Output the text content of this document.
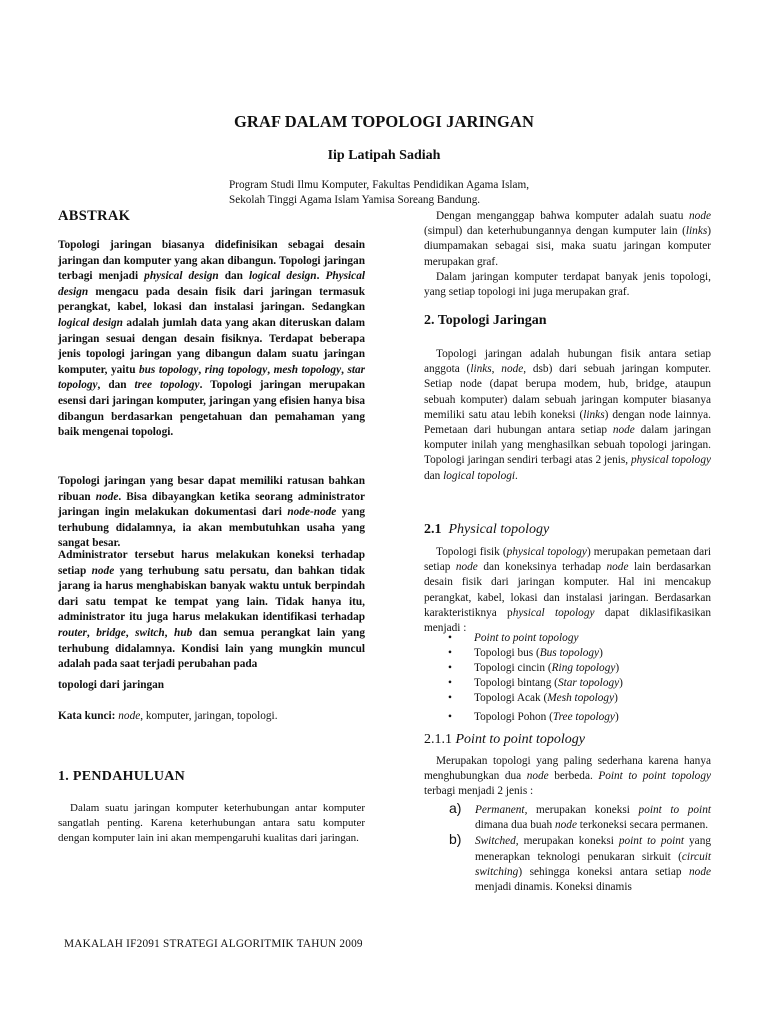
GRAF DALAM TOPOLOGI JARINGAN
Iip Latipah Sadiah
Program Studi Ilmu Komputer, Fakultas Pendidikan Agama Islam, Sekolah Tinggi Agama Islam Yamisa Soreang Bandung.
ABSTRAK
Topologi jaringan biasanya didefinisikan sebagai desain jaringan dan komputer yang akan dibangun. Topologi jaringan terbagi menjadi physical design dan logical design. Physical design mengacu pada desain fisik dari jaringan termasuk perangkat, kabel, lokasi dan instalasi jaringan. Sedangkan logical design adalah jumlah data yang akan diteruskan dalam jaringan sesuai dengan desain fisiknya. Terdapat beberapa jenis topologi jaringan yang dibangun dalam suatu jaringan komputer, yaitu bus topology, ring topology, mesh topology, star topology, dan tree topology. Topologi jaringan merupakan esensi dari jaringan komputer, jaringan yang efisien hanya bisa dibangun berdasarkan pengetahuan dan pemahaman yang baik mengenai topologi.
Topologi jaringan yang besar dapat memiliki ratusan bahkan ribuan node. Bisa dibayangkan ketika seorang administrator jaringan ingin melakukan dokumentasi dari node-node yang terhubung didalamnya, ia akan membutuhkan usaha yang sangat besar.
Administrator tersebut harus melakukan koneksi terhadap setiap node yang terhubung satu persatu, dan bahkan tidak jarang ia harus menghabiskan banyak waktu untuk berpindah dari satu tempat ke tempat yang lain. Tidak hanya itu, administrator itu juga harus melakukan identifikasi terhadap router, bridge, switch, hub dan semua perangkat lain yang terhubung didalamnya. Kondisi lain yang mungkin muncul adalah pada saat terjadi perubahan pada
topologi dari jaringan
Kata kunci: node, komputer, jaringan, topologi.
1. PENDAHULUAN

Dalam suatu jaringan komputer keterhubungan antar komputer sangatlah penting. Karena keterhubungan antara satu komputer dengan komputer lain ini akan mempengaruhi kualitas dari jaringan.

Dengan menganggap bahwa komputer adalah suatu node (simpul) dan keterhubungannya dengan kumputer lain (links) diumpamakan sebagai sisi, maka suatu jaringan komputer merupakan graf.

Dalam jaringan komputer terdapat banyak jenis topologi, yang setiap topologi ini juga merupakan graf.

2. Topologi Jaringan

Topologi jaringan adalah hubungan fisik antara setiap anggota (links, node, dsb) dari sebuah jaringan komputer. Setiap node (dapat berupa modem, hub, bridge, ataupun sebuah komputer) dalam sebuah jaringan komputer biasanya memiliki satu atau lebih koneksi (links) dengan node lainnya. Pemetaan dari hubungan antara setiap node dalam jaringan komputer inilah yang menghasilkan sebuah topologi jaringan. Topologi jaringan sendiri terbagi atas 2 jenis, physical topology dan logical topologi.

2.1 Physical topology

Topologi fisik (physical topology) merupakan pemetaan dari setiap node dan koneksinya terhadap node lain berdasarkan desain fisik dari jaringan komputer. Hal ini mencakup perangkat, kabel, lokasi dan instalasi jaringan. Berdasarkan karakteristiknya physical topology dapat diklasifikasikan menjadi :

• Point to point topology
• Topologi bus (Bus topology)
• Topologi cincin (Ring topology)
• Topologi bintang (Star topology)
• Topologi Acak (Mesh topology)
• Topologi Pohon (Tree topology)
2.1.1 Point to point topology

Merupakan topologi yang paling sederhana karena hanya menghubungkan dua node berbeda. Point to point topology terbagi menjadi 2 jenis :

a) Permanent, merupakan koneksi point to point dimana dua buah node terkoneksi secara permanen.
b) Switched, merupakan koneksi point to point yang menerapkan teknologi penukaran sirkuit (circuit switching) sehingga koneksi antara setiap node menjadi dinamis. Koneksi dinamis
MAKALAH IF2091 STRATEGI ALGORITMIK TAHUN 2009
